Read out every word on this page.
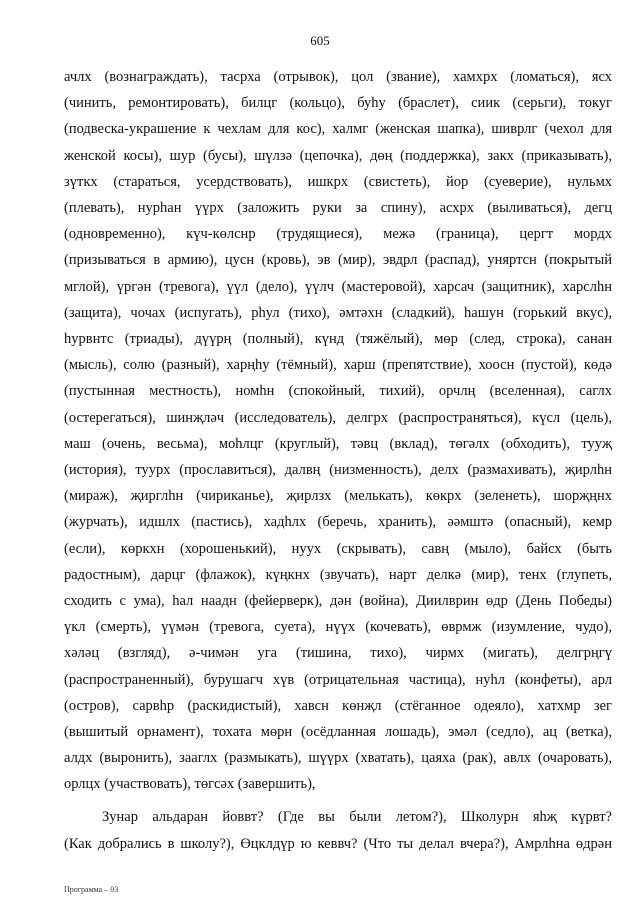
605
ачлх (вознаграждать), тасрха (отрывок), цол (звание), хамхрх (ломаться), ясх
(чинить, ремонтировать), билцг (кольцо), буһу (браслет), сиик (серьги), токуг
(подвеска-украшение к чехлам для кос), халмг (женская шапка), шиврлг (чехол для
женской косы), шур (бусы), шүлзә (цепочка), дөң (поддержка), закх (приказывать),
зүткх (стараться, усердствовать), ишкрх (свистеть), йор (суеверие), нульмх
(плевать), нурһан үүрх (заложить руки за спину), асхрх (выливаться), дегц
(одновременно), күч-көлснр (трудящиеся), межә (граница), цергт мордх
(призываться в армию), цусн (кровь), эв (мир), эвдрл (распад), уняртсн (покрытый
мглой), үргән (тревога), үүл (дело), үүлч (мастеровой), харсач (защитник), харслһн
(защита), чочах (испугать), рһул (тихо), әмтәхн (сладкий), һашун (горький вкус),
һурвнтс (триады), дүүрң (полный), күнд (тяжёлый), мөр (след, строка), санан
(мысль), солю (разный), харңһу (тёмный), харш (препятствие), хоосн (пустой), көдә
(пустынная местность), номһн (спокойный, тихий), орчлң (вселенная), саглх
(остерегаться), шинҗләч (исследователь), делгрх (распространяться), күсл (цель),
маш (очень, весьма), моһлцг (круглый), тәвц (вклад), төгәлх (обходить), тууҗ
(история), туурх (прославиться), далвң (низменность), делх (размахивать), җирлһн
(мираж), җирглһн (чириканье), җирлзх (мелькать), көкрх (зеленеть), шорҗңнх
(журчать), идшлх (пастись), хадһлх (беречь, хранить), әәмштә (опасный), кемр
(если), көркхн (хорошенький), нуух (скрывать), савң (мыло), байсх (быть
радостным), дарцг (флажок), күңкнх (звучать), нарт делкә (мир), тенх (глупеть,
сходить с ума), һал наадн (фейерверк), дән (война), Диилврин өдр (День Победы)
үкл (смерть), үүмән (тревога, суета), нүүх (кочевать), өврмж (изумление, чудо),
хәләц (взгляд), ә-чимән уга (тишина, тихо), чирмх (мигать), делгрңгү
(распространенный), бурушагч хүв (отрицательная частица), нуһл (конфеты), арл
(остров), сарвһр (раскидистый), хавсн көнҗл (стёганное одеяло), хатхмр зег
(вышитый орнамент), тохата мөрн (осёдланная лошадь), эмәл (седло), ац (ветка),
алдх (выронить), зааглх (размыкать), шүүрх (хватать), цаяха (рак), авлх (очаровать),
орлцх (участвовать), төгсәх (завершить),
Зунар альдаран йоввт? (Где вы были летом?), Школурн яһҗ күрвт?
(Как добрались в школу?), Өцклдүр ю кеввч? (Что ты делал вчера?), Амрлһна өдрән
Программа – 03
